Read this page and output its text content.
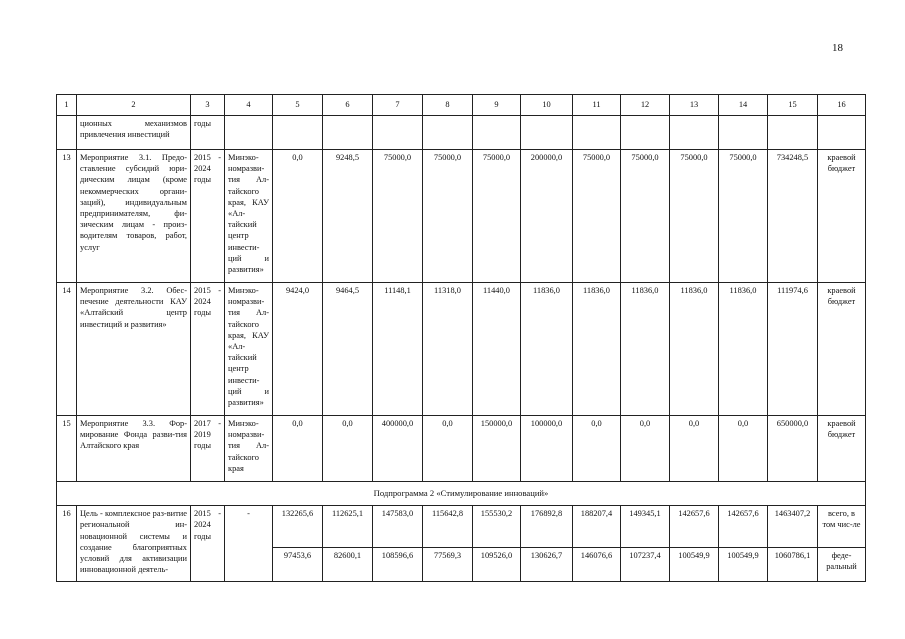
18
1	2	3	4	5	6	7	8	9	10	11	12	13	14	15	16
	ционных механизмов привлечения инвестиций	годы													
13	Мероприятие 3.1. Предо-ставление субсидий юри-дическим лицам (кроме некоммерческих органи-заций), индивидуальным предпринимателям, фи-зическим лицам - произ-водителям товаров, работ, услуг	2015 - 2024 годы	Минэко-номразви-тия Ал-тайского края, КАУ «Ал-тайский центр инвести-ций и развития»	0,0	9248,5	75000,0	75000,0	75000,0	200000,0	75000,0	75000,0	75000,0	75000,0	734248,5	краевой бюджет
14	Мероприятие 3.2. Обес-печение деятельности КАУ «Алтайский центр инвестиций и развития»	2015 - 2024 годы	Минэко-номразви-тия Ал-тайского края, КАУ «Ал-тайский центр инвести-ций и развития»	9424,0	9464,5	11148,1	11318,0	11440,0	11836,0	11836,0	11836,0	11836,0	11836,0	111974,6	краевой бюджет
15	Мероприятие 3.3. Фор-мирование Фонда разви-тия Алтайского края	2017 - 2019 годы	Минэко-номразви-тия Ал-тайского края	0,0	0,0	400000,0	0,0	150000,0	100000,0	0,0	0,0	0,0	0,0	650000,0	краевой бюджет
Подпрограмма 2 «Стимулирование инноваций»															
16	Цель - комплексное раз-витие региональной ин-новационной системы и создание благоприятных условий для активизации инновационной деятель-	2015 - 2024 годы	-	132265,6	112625,1	147583,0	115642,8	155530,2	176892,8	188207,4	149345,1	142657,6	142657,6	1463407,2	всего, в том чис-ле
				97453,6	82600,1	108596,6	77569,3	109526,0	130626,7	146076,6	107237,4	100549,9	100549,9	1060786,1	феде-ральный
